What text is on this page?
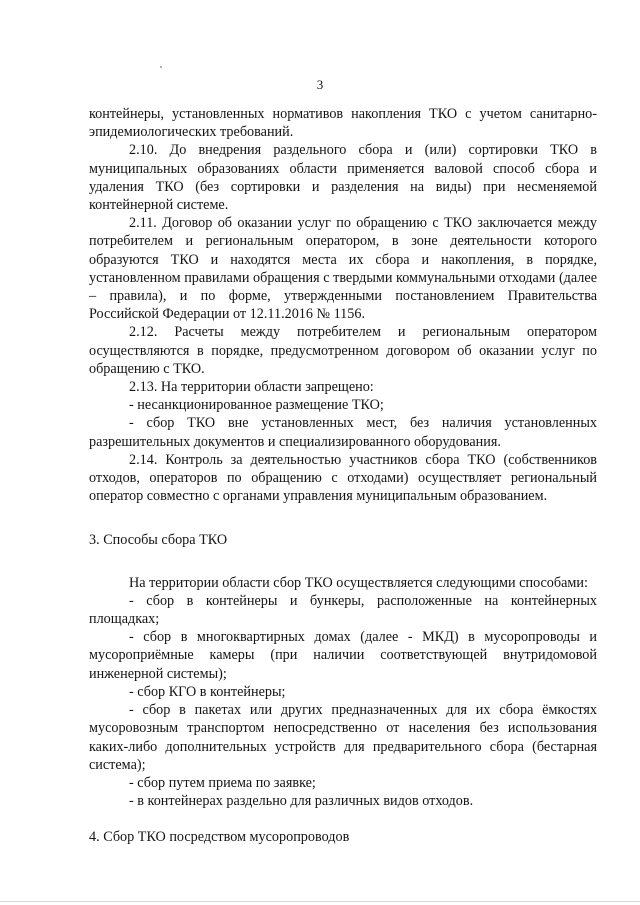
3

контейнеры, установленных нормативов накопления ТКО с учетом санитарно-эпидемиологических требований.

2.10. До внедрения раздельного сбора и (или) сортировки ТКО в муниципальных образованиях области применяется валовой способ сбора и удаления ТКО (без сортировки и разделения на виды) при несменяемой контейнерной системе.

2.11. Договор об оказании услуг по обращению с ТКО заключается между потребителем и региональным оператором, в зоне деятельности которого образуются ТКО и находятся места их сбора и накопления, в порядке, установленном правилами обращения с твердыми коммунальными отходами (далее – правила), и по форме, утвержденными постановлением Правительства Российской Федерации от 12.11.2016 № 1156.

2.12. Расчеты между потребителем и региональным оператором осуществляются в порядке, предусмотренном договором об оказании услуг по обращению с ТКО.

2.13. На территории области запрещено:

- несанкционированное размещение ТКО;

- сбор ТКО вне установленных мест, без наличия установленных разрешительных документов и специализированного оборудования.

2.14. Контроль за деятельностью участников сбора ТКО (собственников отходов, операторов по обращению с отходами) осуществляет региональный оператор совместно с органами управления муниципальным образованием.

3. Способы сбора ТКО

На территории области сбор ТКО осуществляется следующими способами:

- сбор в контейнеры и бункеры, расположенные на контейнерных площадках;

- сбор в многоквартирных домах (далее - МКД) в мусоропроводы и мусороприёмные камеры (при наличии соответствующей внутридомовой инженерной системы);

- сбор КГО в контейнеры;

- сбор в пакетах или других предназначенных для их сбора ёмкостях мусоровозным транспортом непосредственно от населения без использования каких-либо дополнительных устройств для предварительного сбора (бестарная система);

- сбор путем приема по заявке;

- в контейнерах раздельно для различных видов отходов.

4. Сбор ТКО посредством мусоропроводов
